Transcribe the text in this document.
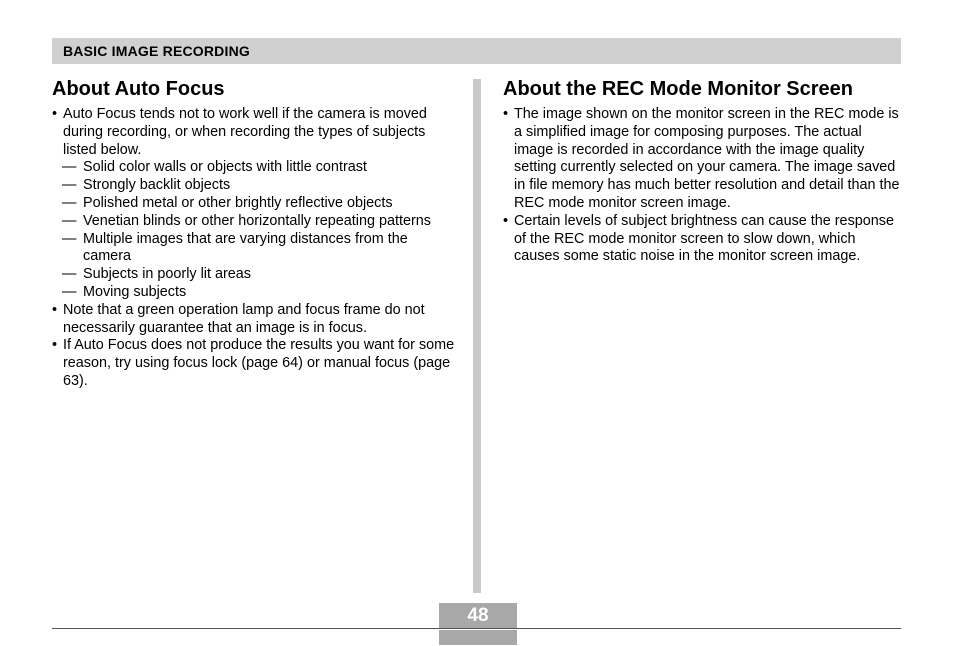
BASIC IMAGE RECORDING
About Auto Focus
• Auto Focus tends not to work well if the camera is moved during recording, or when recording the types of subjects listed below.
— Solid color walls or objects with little contrast
— Strongly backlit objects
— Polished metal or other brightly reflective objects
— Venetian blinds or other horizontally repeating patterns
— Multiple images that are varying distances from the camera
— Subjects in poorly lit areas
— Moving subjects
• Note that a green operation lamp and focus frame do not necessarily guarantee that an image is in focus.
• If Auto Focus does not produce the results you want for some reason, try using focus lock (page 64) or manual focus (page 63).
About the REC Mode Monitor Screen
• The image shown on the monitor screen in the REC mode is a simplified image for composing purposes. The actual image is recorded in accordance with the image quality setting currently selected on your camera. The image saved in file memory has much better resolution and detail than the REC mode monitor screen image.
• Certain levels of subject brightness can cause the response of the REC mode monitor screen to slow down, which causes some static noise in the monitor screen image.
48
